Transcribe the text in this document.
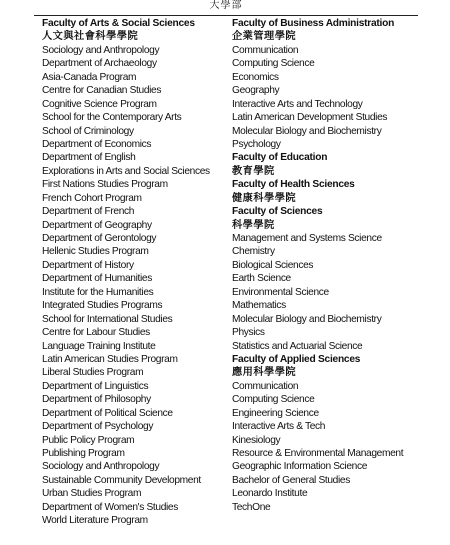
大學部
Faculty of Arts & Social Sciences
人文與社會科學學院
Sociology and Anthropology
Department of Archaeology
Asia-Canada Program
Centre for Canadian Studies
Cognitive Science Program
School for the Contemporary Arts
School of Criminology
Department of Economics
Department of English
Explorations in Arts and Social Sciences
First Nations Studies Program
French Cohort Program
Department of French
Department of Geography
Department of Gerontology
Hellenic Studies Program
Department of History
Department of Humanities
Institute for the Humanities
Integrated Studies Programs
School for International Studies
Centre for Labour Studies
Language Training Institute
Latin American Studies Program
Liberal Studies Program
Department of Linguistics
Department of Philosophy
Department of Political Science
Department of Psychology
Public Policy Program
Publishing Program
Sociology and Anthropology
Sustainable Community Development
Urban Studies Program
Department of Women's Studies
World Literature Program
Faculty of Business Administration
企業管理學院
Communication
Computing Science
Economics
Geography
Interactive Arts and Technology
Latin American Development Studies
Molecular Biology and Biochemistry
Psychology
Faculty of Education
教育學院
Faculty of Health Sciences
健康科學學院
Faculty of Sciences
科學學院
Management and Systems Science
Chemistry
Biological Sciences
Earth Science
Environmental Science
Mathematics
Molecular Biology and Biochemistry
Physics
Statistics and Actuarial Science
Faculty of Applied Sciences
應用科學學院
Communication
Computing Science
Engineering Science
Interactive Arts & Tech
Kinesiology
Resource & Environmental Management
Geographic Information Science
Bachelor of General Studies
Leonardo Institute
TechOne
